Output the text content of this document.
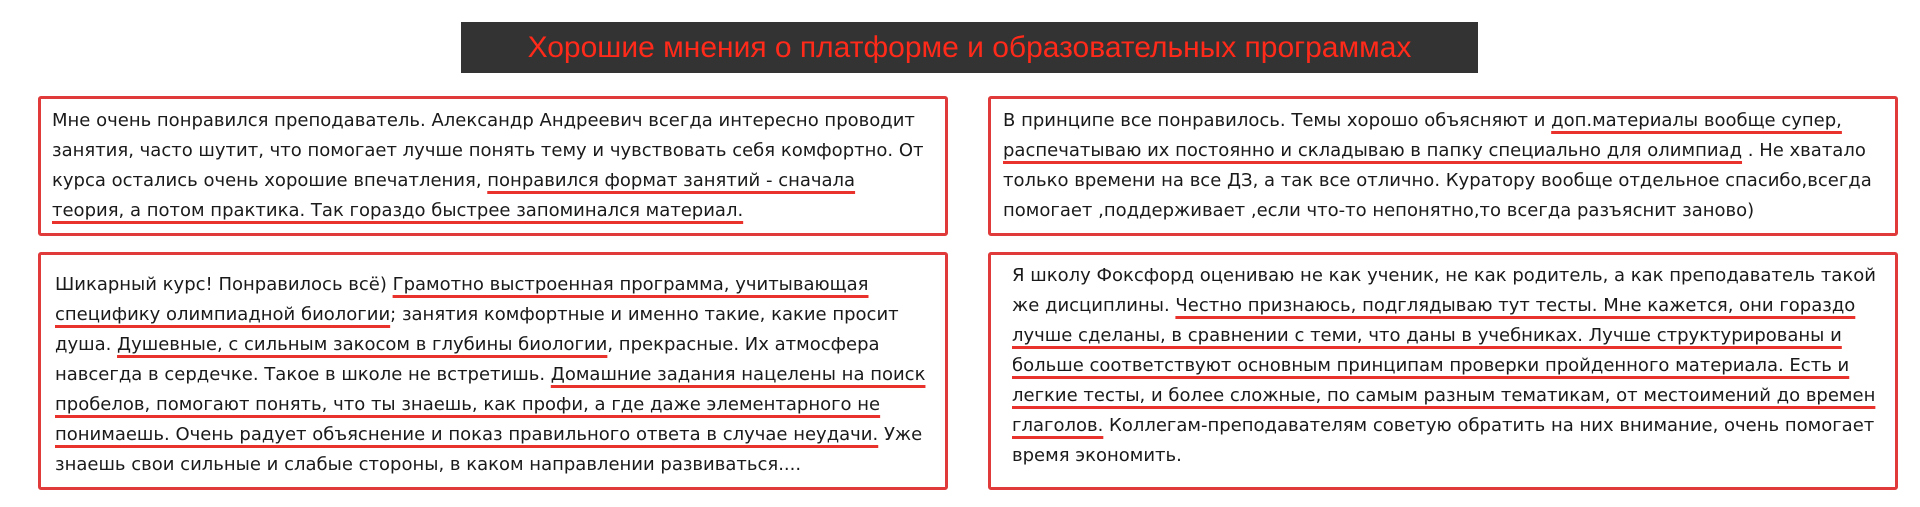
Хорошие мнения о платформе и образовательных программах

Мне очень понравился преподаватель. Александр Андреевич всегда интересно проводит занятия, часто шутит, что помогает лучше понять тему и чувствовать себя комфортно. От курса остались очень хорошие впечатления, понравился формат занятий - сначала теория, а потом практика. Так гораздо быстрее запоминался материал.

В принципе все понравилось. Темы хорошо объясняют и доп.материалы вообще супер, распечатываю их постоянно и складываю в папку специально для олимпиад . Не хватало только времени на все ДЗ, а так все отлично. Куратору вообще отдельное спасибо,всегда помогает ,поддерживает ,если что-то непонятно,то всегда разъяснит заново)

Шикарный курс! Понравилось всё) Грамотно выстроенная программа, учитывающая специфику олимпиадной биологии; занятия комфортные и именно такие, какие просит душа. Душевные, с сильным закосом в глубины биологии, прекрасные. Их атмосфера навсегда в сердечке. Такое в школе не встретишь. Домашние задания нацелены на поиск пробелов, помогают понять, что ты знаешь, как профи, а где даже элементарного не понимаешь. Очень радует объяснение и показ правильного ответа в случае неудачи. Уже знаешь свои сильные и слабые стороны, в каком направлении развиваться....

Я школу Фоксфорд оцениваю не как ученик, не как родитель, а как преподаватель такой же дисциплины. Честно признаюсь, подглядываю тут тесты. Мне кажется, они гораздо лучше сделаны, в сравнении с теми, что даны в учебниках. Лучше структурированы и больше соответствуют основным принципам проверки пройденного материала. Есть и легкие тесты, и более сложные, по самым разным тематикам, от местоимений до времен глаголов. Коллегам-преподавателям советую обратить на них внимание, очень помогает время экономить.
